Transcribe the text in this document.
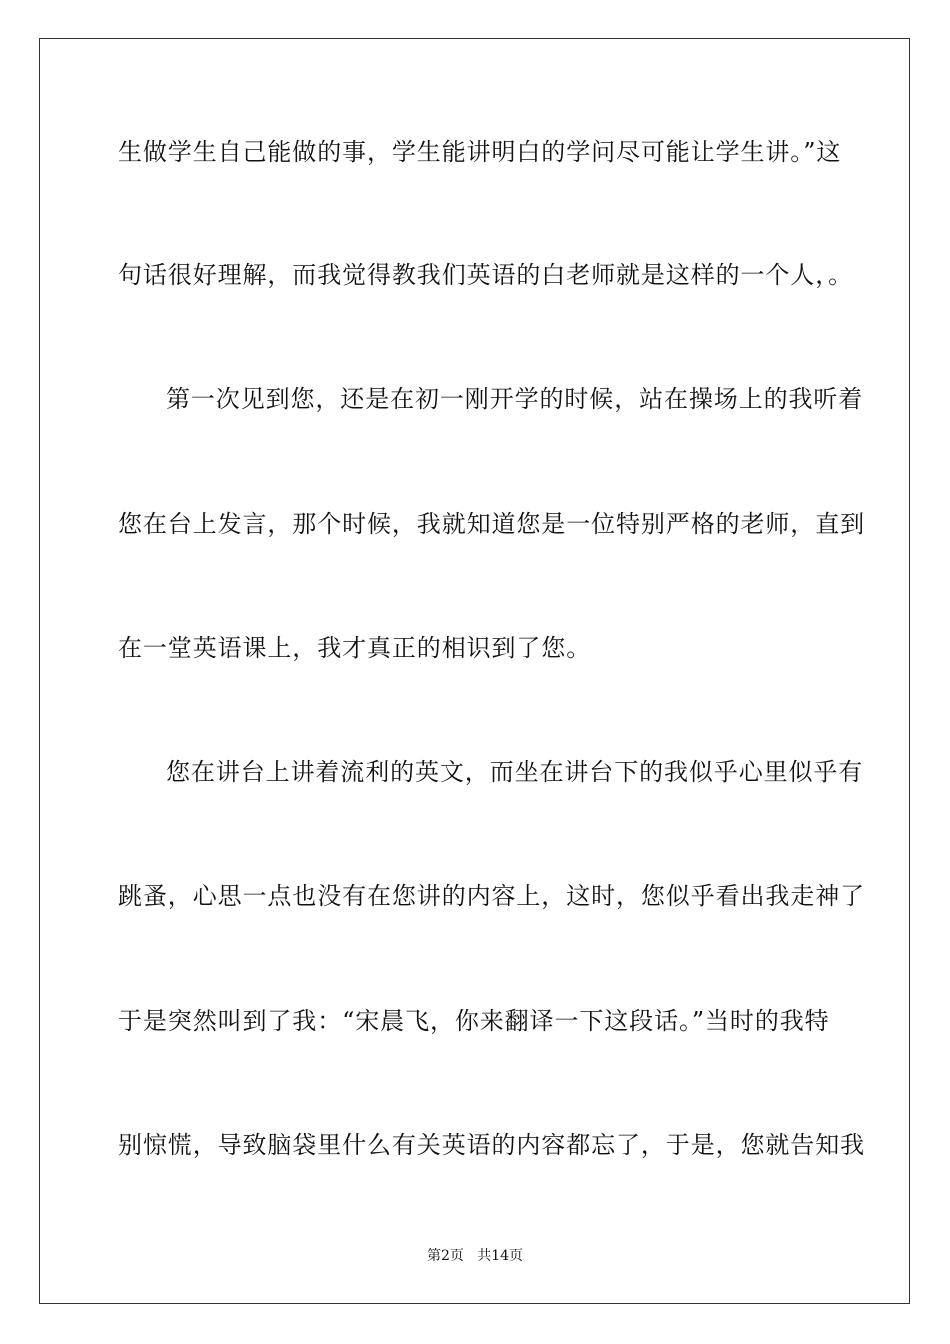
生做学生自己能做的事，学生能讲明白的学问尽可能让学生讲。”这
句话很好理解，而我觉得教我们英语的白老师就是这样的一个人，。
第一次见到您，还是在初一刚开学的时候，站在操场上的我听着
您在台上发言，那个时候，我就知道您是一位特别严格的老师，直到
在一堂英语课上，我才真正的相识到了您。
您在讲台上讲着流利的英文，而坐在讲台下的我似乎心里似乎有
跳蚤，心思一点也没有在您讲的内容上，这时，您似乎看出我走神了
于是突然叫到了我：“宋晨飞，你来翻译一下这段话。”当时的我特
别惊慌，导致脑袋里什么有关英语的内容都忘了，于是，您就告知我
第2页   共14页
